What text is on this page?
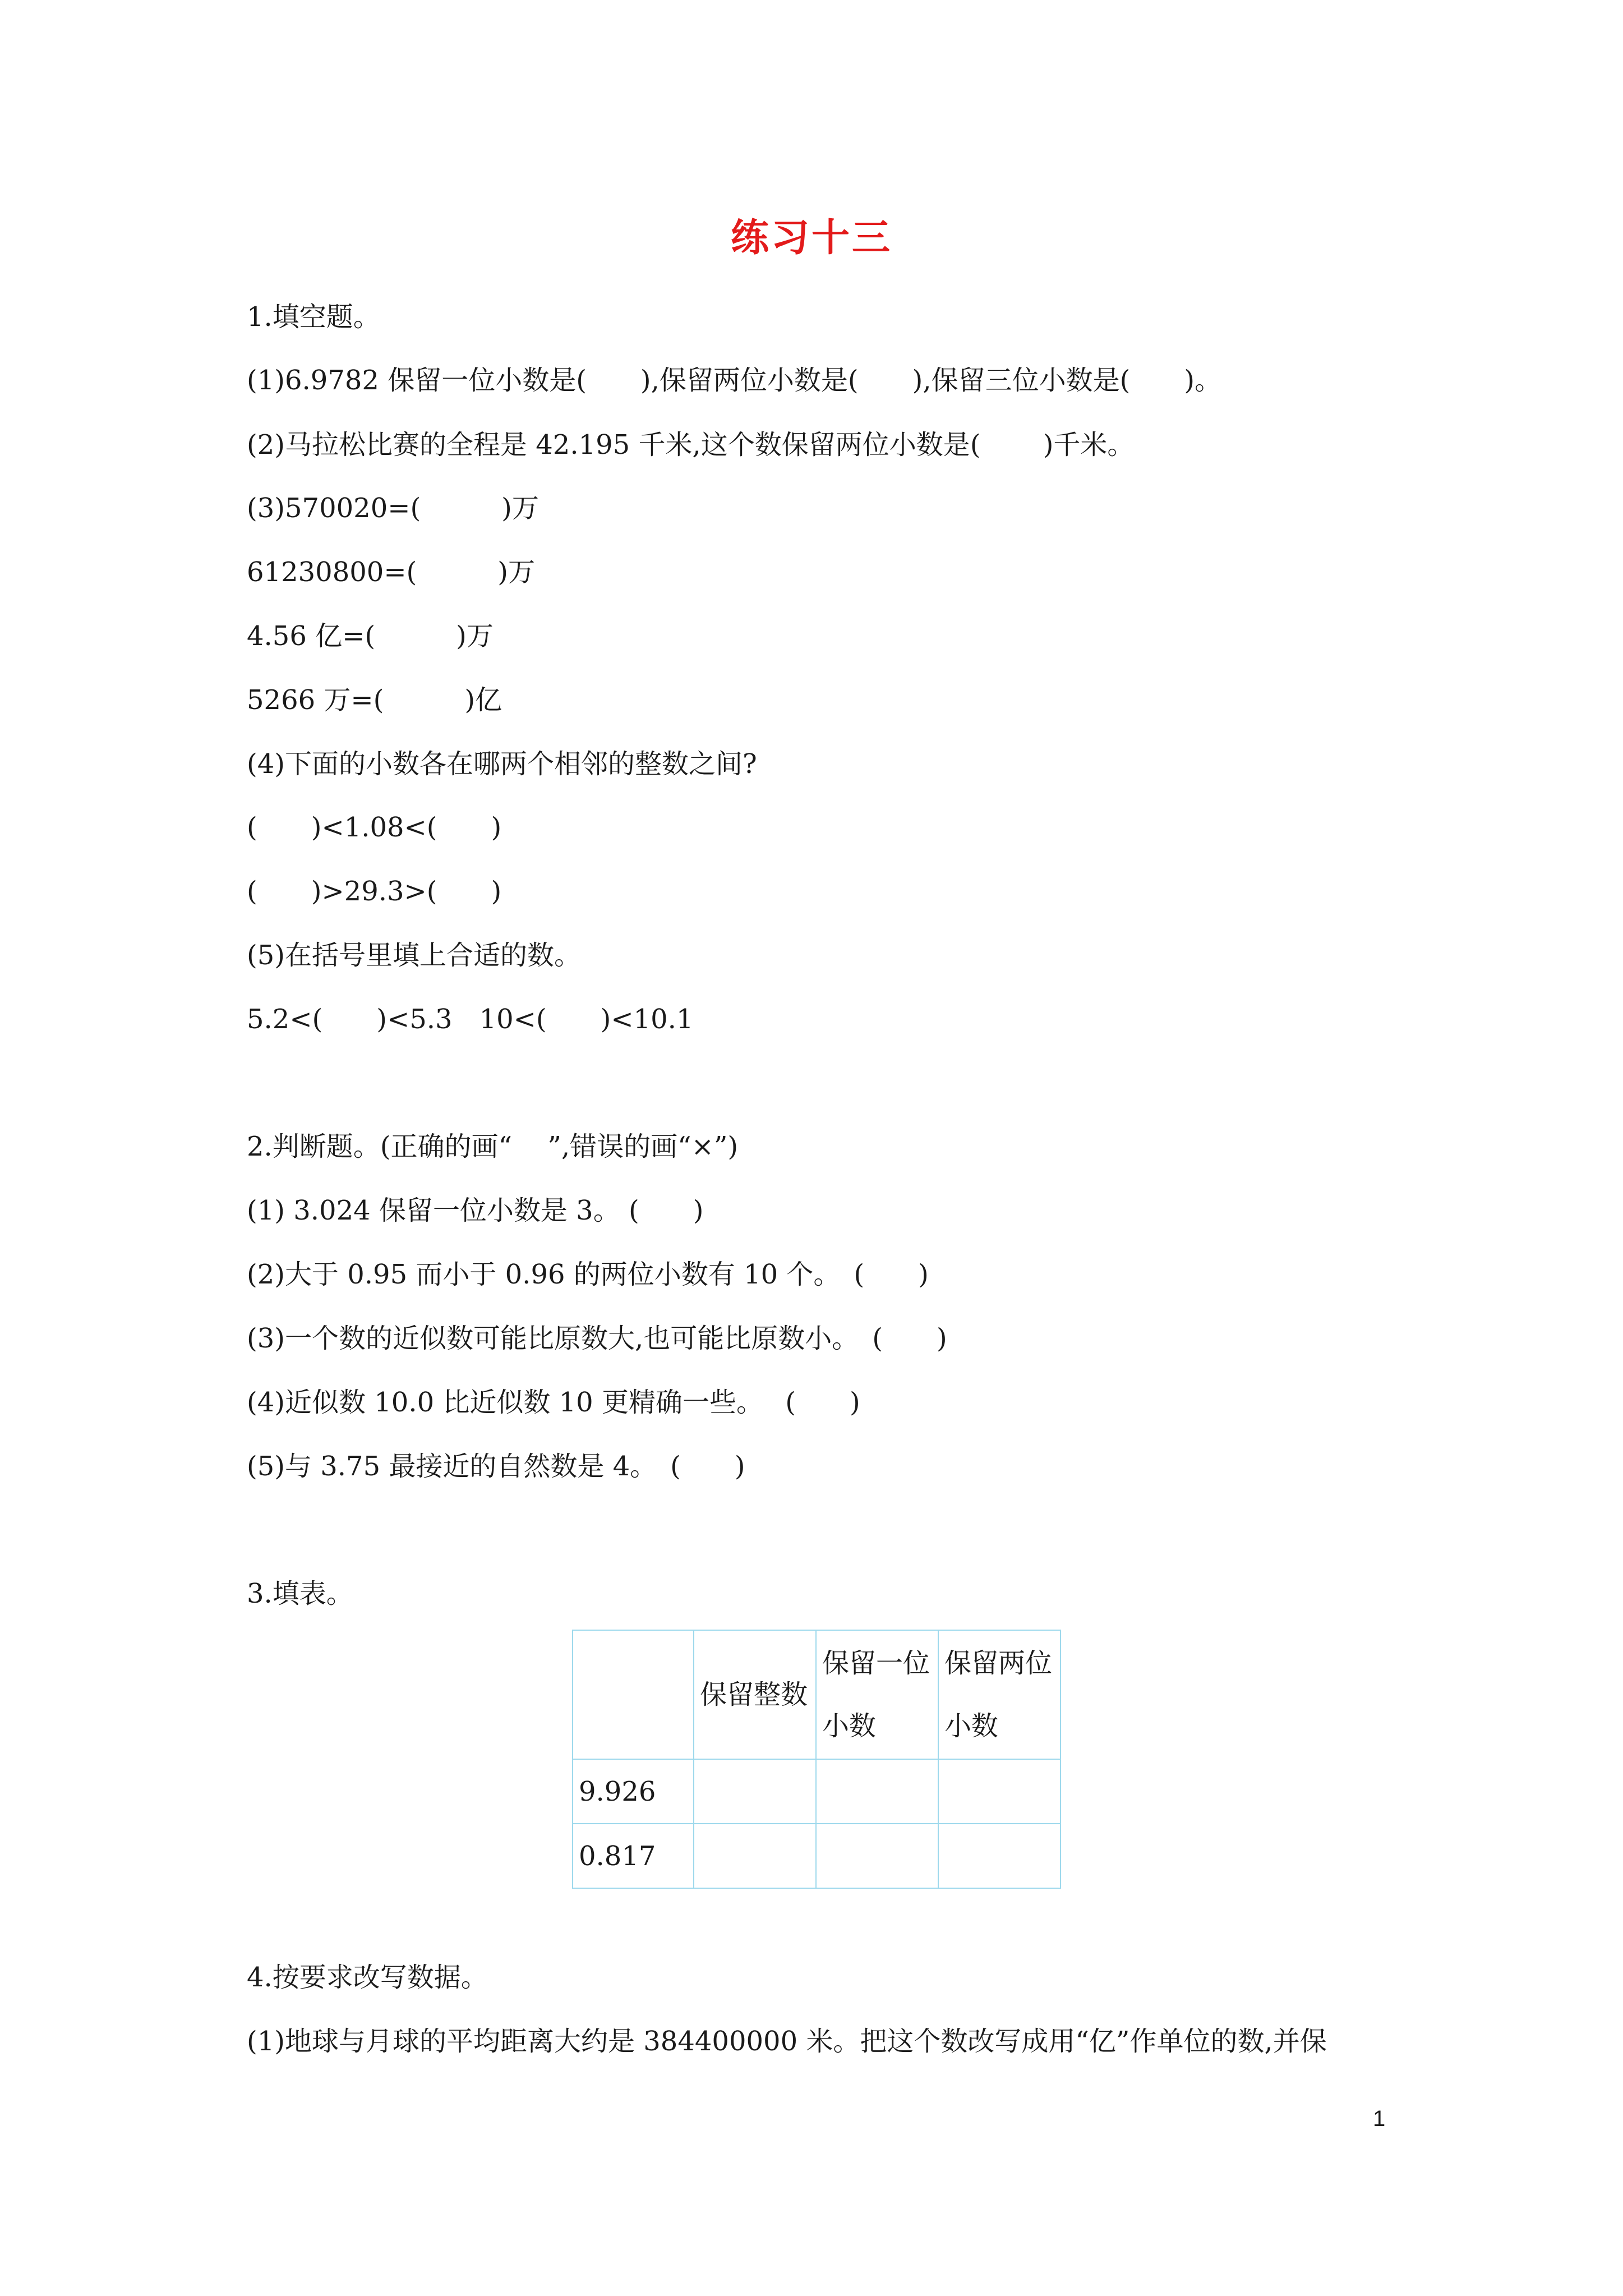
练习十三
1.填空题。
(1)6.9782 保留一位小数是(　　),保留两位小数是(　　),保留三位小数是(　　)。
(2)马拉松比赛的全程是 42.195 千米,这个数保留两位小数是(　　 )千米。
(3)570020=(　　　)万
61230800=(　　　)万
4.56 亿=(　　　)万
5266 万=(　　　)亿
(4)下面的小数各在哪两个相邻的整数之间?
(　　)<1.08<(　　)
(　　)>29.3>(　　)
(5)在括号里填上合适的数。
5.2<(　　)<5.3　10<(　　)<10.1
2.判断题。(正确的画“　 ”,错误的画“×”)
(1) 3.024 保留一位小数是 3。 (　　)
(2)大于 0.95 而小于 0.96 的两位小数有 10 个。　(　　)
(3)一个数的近似数可能比原数大,也可能比原数小。　(　　)
(4)近似数 10.0 比近似数 10 更精确一些。　 (　　)
(5)与 3.75 最接近的自然数是 4。　(　　)
3.填表。
	保留整数	保留一位小数	保留两位小数

9.926			
0.817			
4.按要求改写数据。
(1)地球与月球的平均距离大约是 384400000 米。把这个数改写成用“亿”作单位的数,并保
1
